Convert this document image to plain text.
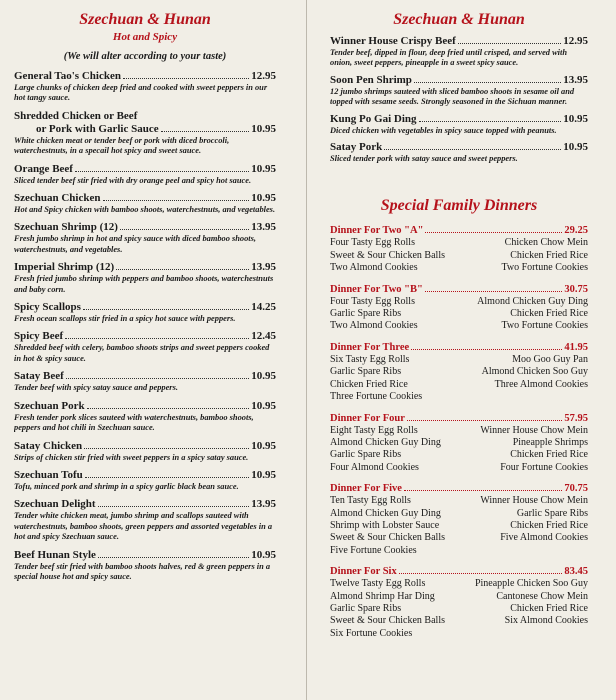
Szechuan & Hunan
Hot and Spicy
(We will alter according to your taste)
General Tao's Chicken	12.95
Large chunks of chicken deep fried and cooked with sweet peppers in our hot tangy sauce.
Shredded Chicken or Beef
or Pork with Garlic Sauce	10.95
White chicken meat or tender beef or pork with diced broccoli, waterchestnuts, in a specail hot spicy and sweet sauce.
Orange Beef	10.95
Sliced tender beef stir fried with dry orange peel and spicy hot sauce.
Szechuan Chicken	10.95
Hot and Spicy chicken with bamboo shoots, waterchestnuts, and vegetables.
Szechuan Shrimp (12)	13.95
Fresh jumbo shrimp in hot and spicy sauce with diced bamboo shoots, waterchestnuts, and vegetables.
Imperial Shrimp (12)	13.95
Fresh fried jumbo shrimp with peppers and bamboo shoots, waterchestnuts and baby corn.
Spicy Scallops	14.25
Fresh ocean scallops stir fried in a spicy hot sauce with peppers.
Spicy Beef	12.45
Shredded beef with celery, bamboo shoots strips and sweet peppers cooked in hot & spicy sauce.
Satay Beef	10.95
Tender beef with spicy satay sauce and peppers.
Szechuan Pork	10.95
Fresh tender pork slices sauteed with waterchestnuts, bamboo shoots, peppers and hot chili in Szechuan sauce.
Satay Chicken	10.95
Strips of chicken stir fried with sweet peppers in a spicy satay sauce.
Szechuan Tofu	10.95
Tofu, minced pork and shrimp in a spicy garlic black bean sauce.
Szechuan Delight	13.95
Tender white chicken meat, jumbo shrimp and scallops sauteed with waterchestnuts, bamboo shoots, green peppers and assorted vegetables in a hot and spicy Szechuan sauce.
Beef Hunan Style	10.95
Tender beef stir fried with bamboo shoots halves, red & green peppers in a special house hot and spicy sauce.
Szechuan & Hunan
Winner House Crispy Beef	12.95
Tender beef, dipped in flour, deep fried until crisped, and served with onion, sweet peppers, pineapple in a sweet spicy sauce.
Soon Pen Shrimp	13.95
12 jumbo shrimps sauteed with sliced bamboo shoots in sesame oil and topped with sesame seeds. Strongly seasoned in the Sichuan manner.
Kung Po Gai Ding	10.95
Diced chicken with vegetables in spicy sauce topped with peanuts.
Satay Pork	10.95
Sliced tender pork with satay sauce and sweet peppers.
Special Family Dinners
Dinner For Two "A"	29.25
Four Tasty Egg Rolls	Chicken Chow Mein
Sweet & Sour Chicken Balls	Chicken Fried Rice
Two Almond Cookies	Two Fortune Cookies
Dinner For Two "B"	30.75
Four Tasty Egg Rolls	Almond Chicken Guy Ding
Garlic Spare Ribs	Chicken Fried Rice
Two Almond Cookies	Two Fortune Cookies
Dinner For Three	41.95
Six Tasty Egg Rolls	Moo Goo Guy Pan
Garlic Spare Ribs	Almond Chicken Soo Guy
Chicken Fried Rice	Three Almond Cookies
Three Fortune Cookies
Dinner For Four	57.95
Eight Tasty Egg Rolls	Winner House Chow Mein
Almond Chicken Guy Ding	Pineapple Shrimps
Garlic Spare Ribs	Chicken Fried Rice
Four Almond Cookies	Four Fortune Cookies
Dinner For Five	70.75
Ten Tasty Egg Rolls	Winner House Chow Mein
Almond Chicken Guy Ding	Garlic Spare Ribs
Shrimp with Lobster Sauce	Chicken Fried Rice
Sweet & Sour Chicken Balls	Five Almond Cookies
Five Fortune Cookies
Dinner For Six	83.45
Twelve Tasty Egg Rolls	Pineapple Chicken Soo Guy
Almond Shrimp Har Ding	Cantonese Chow Mein
Garlic Spare Ribs	Chicken Fried Rice
Sweet & Sour Chicken Balls	Six Almond Cookies
Six Fortune Cookies
